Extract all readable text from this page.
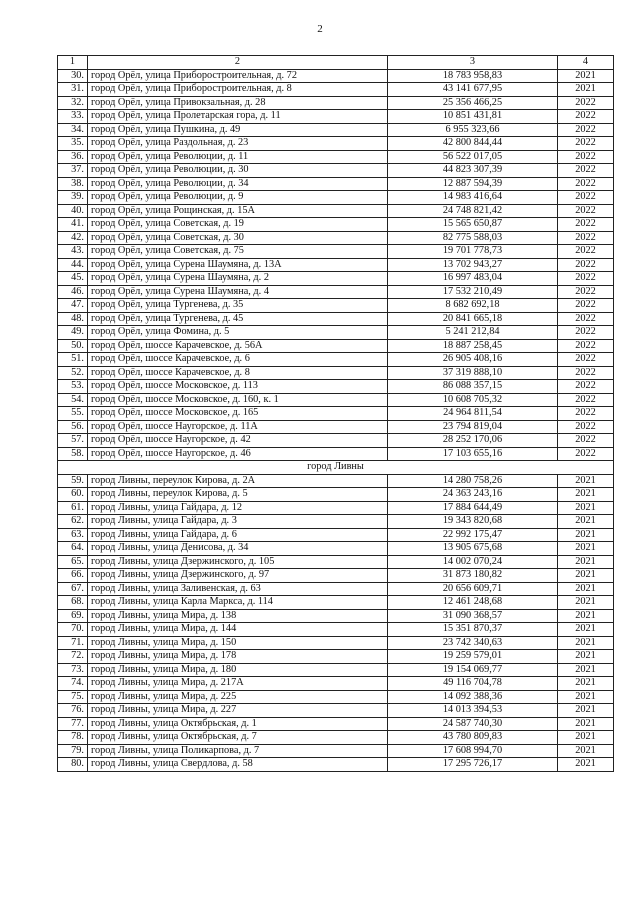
2
1	2	3	4
30.	город Орёл, улица Приборостроительная, д. 72	18 783 958,83	2021
31.	город Орёл, улица Приборостроительная, д. 8	43 141 677,95	2021
32.	город Орёл, улица Привокзальная, д. 28	25 356 466,25	2022
33.	город Орёл, улица Пролетарская гора, д. 11	10 851 431,81	2022
34.	город Орёл, улица Пушкина, д. 49	6 955 323,66	2022
35.	город Орёл, улица Раздольная, д. 23	42 800 844,44	2022
36.	город Орёл, улица Революции, д. 11	56 522 017,05	2022
37.	город Орёл, улица Революции, д. 30	44 823 307,39	2022
38.	город Орёл, улица Революции, д. 34	12 887 594,39	2022
39.	город Орёл, улица Революции, д. 9	14 983 416,64	2022
40.	город Орёл, улица Рощинская, д. 15А	24 748 821,42	2022
41.	город Орёл, улица Советская, д. 19	15 565 650,87	2022
42.	город Орёл, улица Советская, д. 30	82 775 588,03	2022
43.	город Орёл, улица Советская, д. 75	19 701 778,73	2022
44.	город Орёл, улица Сурена Шаумяна, д. 13А	13 702 943,27	2022
45.	город Орёл, улица Сурена Шаумяна, д. 2	16 997 483,04	2022
46.	город Орёл, улица Сурена Шаумяна, д. 4	17 532 210,49	2022
47.	город Орёл, улица Тургенева, д. 35	8 682 692,18	2022
48.	город Орёл, улица Тургенева, д. 45	20 841 665,18	2022
49.	город Орёл, улица Фомина, д. 5	5 241 212,84	2022
50.	город Орёл, шоссе Карачевское, д. 56А	18 887 258,45	2022
51.	город Орёл, шоссе Карачевское, д. 6	26 905 408,16	2022
52.	город Орёл, шоссе Карачевское, д. 8	37 319 888,10	2022
53.	город Орёл, шоссе Московское, д. 113	86 088 357,15	2022
54.	город Орёл, шоссе Московское, д. 160, к. 1	10 608 705,32	2022
55.	город Орёл, шоссе Московское, д. 165	24 964 811,54	2022
56.	город Орёл, шоссе Наугорское, д. 11А	23 794 819,04	2022
57.	город Орёл, шоссе Наугорское, д. 42	28 252 170,06	2022
58.	город Орёл, шоссе Наугорское, д. 46	17 103 655,16	2022
город Ливны			
59.	город Ливны, переулок Кирова, д. 2А	14 280 758,26	2021
60.	город Ливны, переулок Кирова, д. 5	24 363 243,16	2021
61.	город Ливны, улица Гайдара, д. 12	17 884 644,49	2021
62.	город Ливны, улица Гайдара, д. 3	19 343 820,68	2021
63.	город Ливны, улица Гайдара, д. 6	22 992 175,47	2021
64.	город Ливны, улица Денисова, д. 34	13 905 675,68	2021
65.	город Ливны, улица Дзержинского, д. 105	14 002 070,24	2021
66.	город Ливны, улица Дзержинского, д. 97	31 873 180,82	2021
67.	город Ливны, улица Заливенская, д. 63	20 656 609,71	2021
68.	город Ливны, улица Карла Маркса, д. 114	12 461 248,68	2021
69.	город Ливны, улица Мира, д. 138	31 090 368,57	2021
70.	город Ливны, улица Мира, д. 144	15 351 870,37	2021
71.	город Ливны, улица Мира, д. 150	23 742 340,63	2021
72.	город Ливны, улица Мира, д. 178	19 259 579,01	2021
73.	город Ливны, улица Мира, д. 180	19 154 069,77	2021
74.	город Ливны, улица Мира, д. 217А	49 116 704,78	2021
75.	город Ливны, улица Мира, д. 225	14 092 388,36	2021
76.	город Ливны, улица Мира, д. 227	14 013 394,53	2021
77.	город Ливны, улица Октябрьская, д. 1	24 587 740,30	2021
78.	город Ливны, улица Октябрьская, д. 7	43 780 809,83	2021
79.	город Ливны, улица Поликарпова, д. 7	17 608 994,70	2021
80.	город Ливны, улица Свердлова, д. 58	17 295 726,17	2021
